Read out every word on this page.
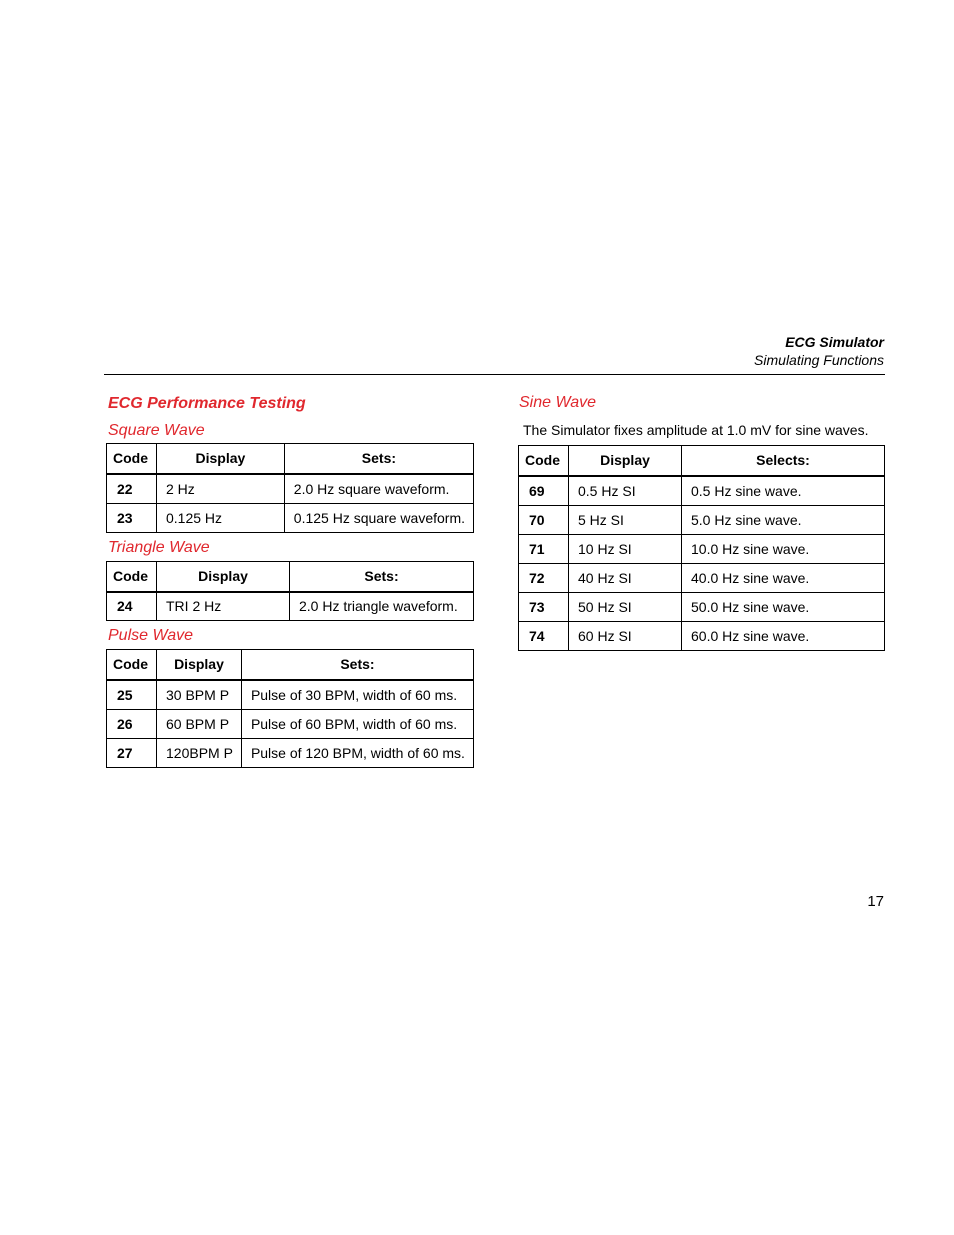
ECG Simulator
Simulating Functions
ECG Performance Testing
Square Wave
Code	Display	Sets:
22	2 Hz	2.0 Hz square waveform.
23	0.125 Hz	0.125 Hz square waveform.
Triangle Wave
Code	Display	Sets:
24	TRI 2 Hz	2.0 Hz triangle waveform.
Pulse Wave
Code	Display	Sets:
25	30 BPM P	Pulse of 30 BPM, width of 60 ms.
26	60 BPM P	Pulse of 60 BPM, width of 60 ms.
27	120BPM P	Pulse of 120 BPM, width of 60 ms.
Sine Wave
The Simulator fixes amplitude at 1.0 mV for sine waves.
Code	Display	Selects:
69	0.5 Hz SI	0.5 Hz sine wave.
70	5 Hz SI	5.0 Hz sine wave.
71	10 Hz SI	10.0 Hz sine wave.
72	40 Hz SI	40.0 Hz sine wave.
73	50 Hz SI	50.0 Hz sine wave.
74	60 Hz SI	60.0 Hz sine wave.
17
